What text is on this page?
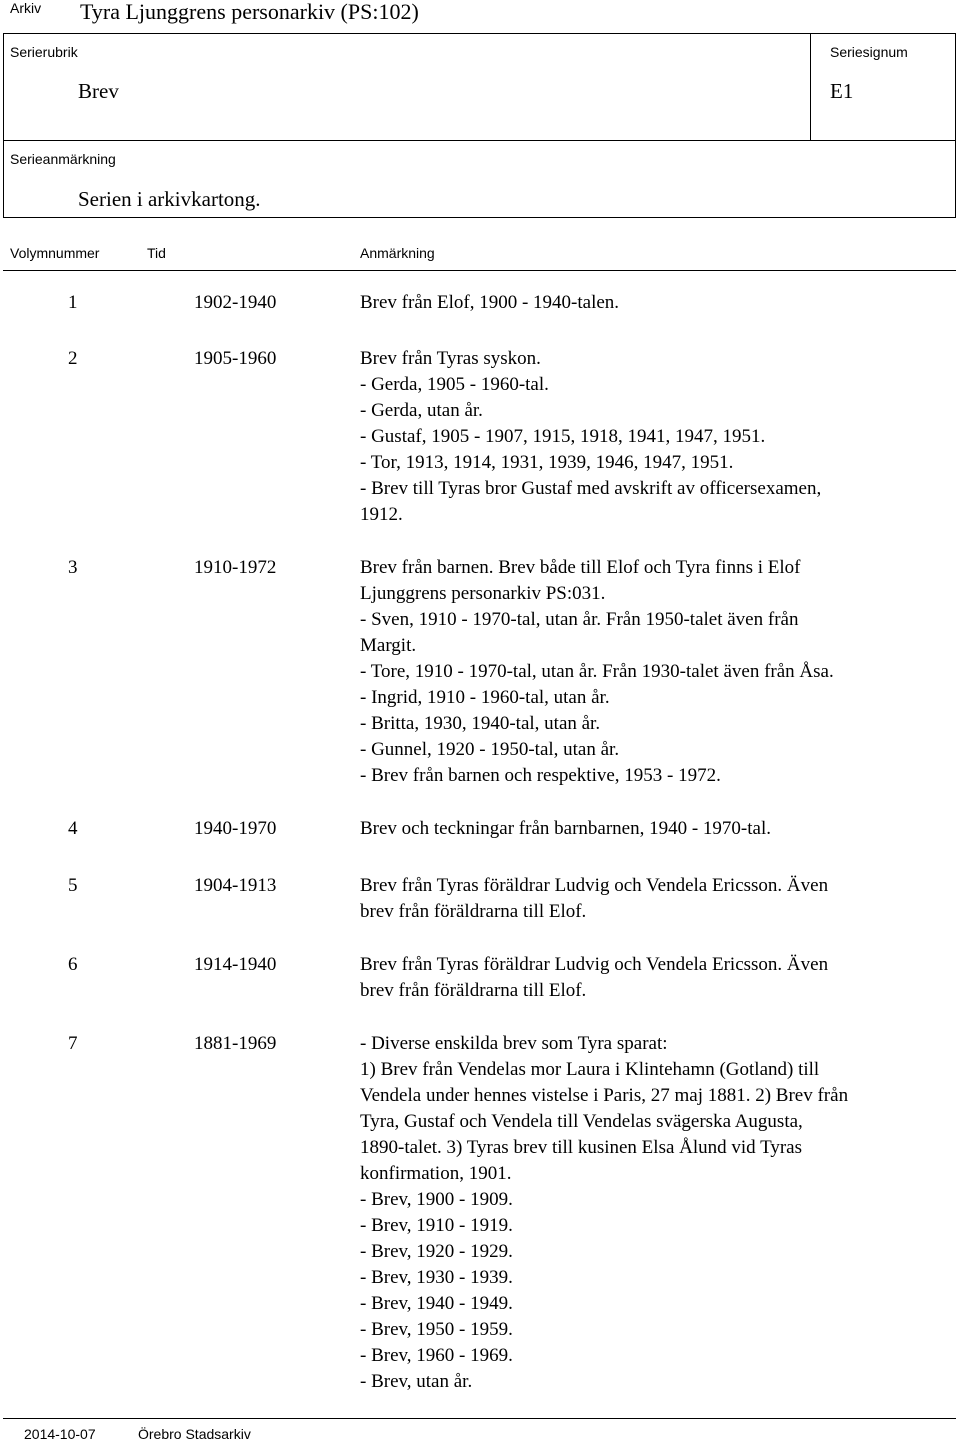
Arkiv Tyra Ljunggrens personarkiv (PS:102)
Serierubrik
Brev
Seriesignum
E1
Serieanmärkning
Serien i arkivkartong.
Volymnummer	Tid	Anmärkning
1	1902-1940	Brev från Elof, 1900 - 1940-talen.
2	1905-1960	Brev från Tyras syskon.
- Gerda, 1905 - 1960-tal.
- Gerda, utan år.
- Gustaf, 1905 - 1907, 1915, 1918, 1941, 1947, 1951.
- Tor, 1913, 1914, 1931, 1939, 1946, 1947, 1951.
- Brev till Tyras bror Gustaf med avskrift av officersexamen,
1912.
3	1910-1972	Brev från barnen. Brev både till Elof och Tyra finns i Elof
Ljunggrens personarkiv PS:031.
- Sven, 1910 - 1970-tal, utan år. Från 1950-talet även från
Margit.
- Tore, 1910 - 1970-tal, utan år. Från 1930-talet även från Åsa.
- Ingrid, 1910 - 1960-tal, utan år.
- Britta, 1930, 1940-tal, utan år.
- Gunnel, 1920 - 1950-tal, utan år.
- Brev från barnen och respektive, 1953 - 1972.
4	1940-1970	Brev och teckningar från barnbarnen, 1940 - 1970-tal.
5	1904-1913	Brev från Tyras föräldrar Ludvig och Vendela Ericsson. Även
brev från föräldrarna till Elof.
6	1914-1940	Brev från Tyras föräldrar Ludvig och Vendela Ericsson. Även
brev från föräldrarna till Elof.
7	1881-1969	- Diverse enskilda brev som Tyra sparat:
1) Brev från Vendelas mor Laura i Klintehamn (Gotland) till
Vendela under hennes vistelse i Paris, 27 maj 1881. 2) Brev från
Tyra, Gustaf och Vendela till Vendelas svägerska Augusta,
1890-talet. 3) Tyras brev till kusinen Elsa Ålund vid Tyras
konfirmation, 1901.
- Brev, 1900 - 1909.
- Brev, 1910 - 1919.
- Brev, 1920 - 1929.
- Brev, 1930 - 1939.
- Brev, 1940 - 1949.
- Brev, 1950 - 1959.
- Brev, 1960 - 1969.
- Brev, utan år.
2014-10-07	Örebro Stadsarkiv
